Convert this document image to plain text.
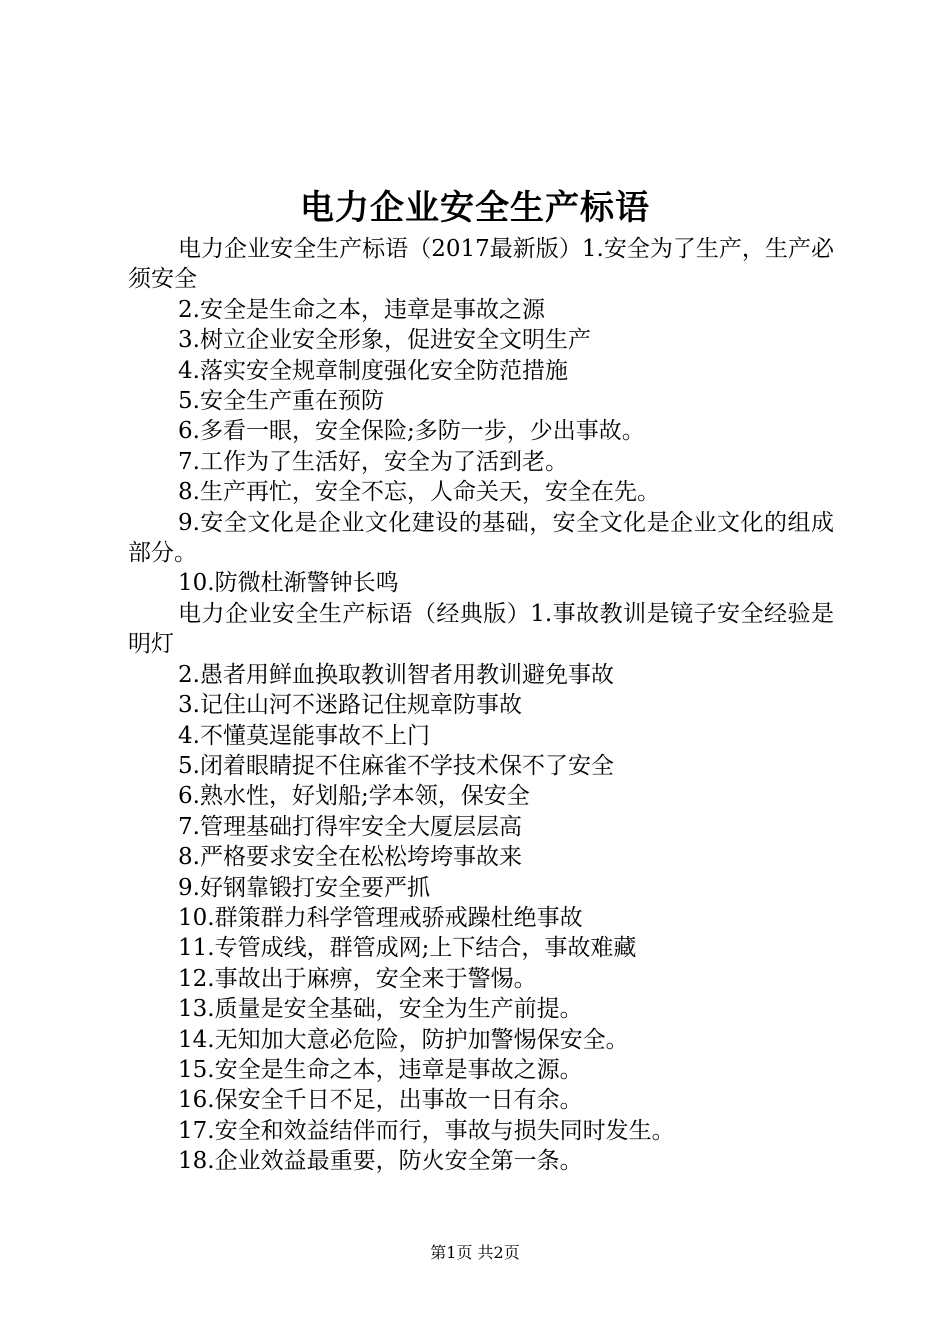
电力企业安全生产标语

电力企业安全生产标语（2017最新版）1.安全为了生产，生产必须安全

2.安全是生命之本，违章是事故之源

3.树立企业安全形象，促进安全文明生产

4.落实安全规章制度强化安全防范措施

5.安全生产重在预防

6.多看一眼，安全保险;多防一步，少出事故。

7.工作为了生活好，安全为了活到老。

8.生产再忙，安全不忘，人命关天，安全在先。

9.安全文化是企业文化建设的基础，安全文化是企业文化的组成部分。

10.防微杜渐警钟长鸣

电力企业安全生产标语（经典版）1.事故教训是镜子安全经验是明灯

2.愚者用鲜血换取教训智者用教训避免事故

3.记住山河不迷路记住规章防事故

4.不懂莫逞能事故不上门

5.闭着眼睛捉不住麻雀不学技术保不了安全

6.熟水性，好划船;学本领，保安全

7.管理基础打得牢安全大厦层层高

8.严格要求安全在松松垮垮事故来

9.好钢靠锻打安全要严抓

10.群策群力科学管理戒骄戒躁杜绝事故

11.专管成线，群管成网;上下结合，事故难藏

12.事故出于麻痹，安全来于警惕。

13.质量是安全基础，安全为生产前提。

14.无知加大意必危险，防护加警惕保安全。

15.安全是生命之本，违章是事故之源。

16.保安全千日不足，出事故一日有余。

17.安全和效益结伴而行，事故与损失同时发生。

18.企业效益最重要，防火安全第一条。

第1页 共2页
